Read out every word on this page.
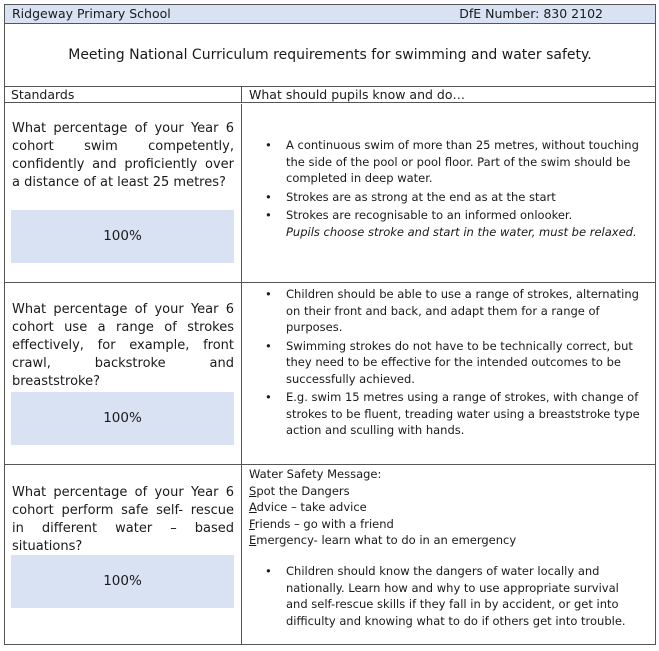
Ridgeway Primary School	DfE Number: 830 2102
Meeting National Curriculum requirements for swimming and water safety.
Standards	What should pupils know and do…
What percentage of your Year 6 cohort swim competently, confidently and proficiently over a distance of at least 25 metres?
100%
• A continuous swim of more than 25 metres, without touching the side of the pool or pool floor. Part of the swim should be completed in deep water.
• Strokes are as strong at the end as at the start
• Strokes are recognisable to an informed onlooker.
Pupils choose stroke and start in the water, must be relaxed.
What percentage of your Year 6 cohort use a range of strokes effectively, for example, front crawl, backstroke and breaststroke?
100%
• Children should be able to use a range of strokes, alternating on their front and back, and adapt them for a range of purposes.
• Swimming strokes do not have to be technically correct, but they need to be effective for the intended outcomes to be successfully achieved.
• E.g. swim 15 metres using a range of strokes, with change of strokes to be fluent, treading water using a breaststroke type action and sculling with hands.
What percentage of your Year 6 cohort perform safe self- rescue in different water – based situations?
100%
Water Safety Message:
Spot the Dangers
Advice – take advice
Friends – go with a friend
Emergency- learn what to do in an emergency
• Children should know the dangers of water locally and nationally. Learn how and why to use appropriate survival and self-rescue skills if they fall in by accident, or get into difficulty and knowing what to do if others get into trouble.
